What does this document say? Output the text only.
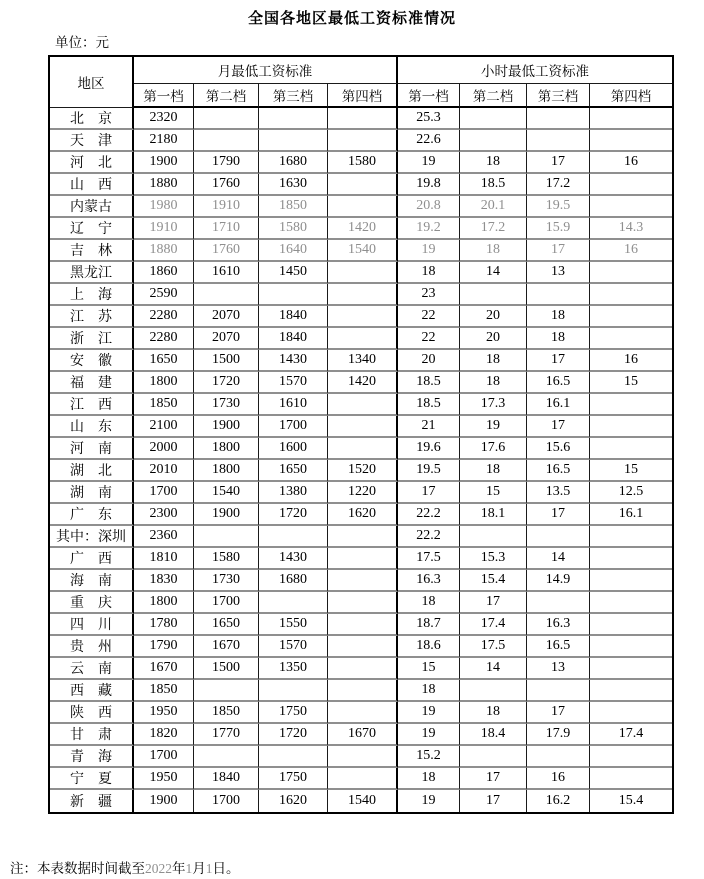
全国各地区最低工资标准情况
单位：元
地区	月最低工资标准				小时最低工资标准			
	第一档	第二档	第三档	第四档	第一档	第二档	第三档	第四档
北　京	2320				25.3			
天　津	2180				22.6			
河　北	1900	1790	1680	1580	19	18	17	16
山　西	1880	1760	1630		19.8	18.5	17.2	
内蒙古	1980	1910	1850		20.8	20.1	19.5	
辽　宁	1910	1710	1580	1420	19.2	17.2	15.9	14.3
吉　林	1880	1760	1640	1540	19	18	17	16
黑龙江	1860	1610	1450		18	14	13	
上　海	2590				23			
江　苏	2280	2070	1840		22	20	18	
浙　江	2280	2070	1840		22	20	18	
安　徽	1650	1500	1430	1340	20	18	17	16
福　建	1800	1720	1570	1420	18.5	18	16.5	15
江　西	1850	1730	1610		18.5	17.3	16.1	
山　东	2100	1900	1700		21	19	17	
河　南	2000	1800	1600		19.6	17.6	15.6	
湖　北	2010	1800	1650	1520	19.5	18	16.5	15
湖　南	1700	1540	1380	1220	17	15	13.5	12.5
广　东	2300	1900	1720	1620	22.2	18.1	17	16.1
其中：深圳	2360				22.2			
广　西	1810	1580	1430		17.5	15.3	14	
海　南	1830	1730	1680		16.3	15.4	14.9	
重　庆	1800	1700			18	17		
四　川	1780	1650	1550		18.7	17.4	16.3	
贵　州	1790	1670	1570		18.6	17.5	16.5	
云　南	1670	1500	1350		15	14	13	
西　藏	1850				18			
陕　西	1950	1850	1750		19	18	17	
甘　肃	1820	1770	1720	1670	19	18.4	17.9	17.4
青　海	1700				15.2			
宁　夏	1950	1840	1750		18	17	16	
新　疆	1900	1700	1620	1540	19	17	16.2	15.4
注：本表数据时间截至2022年1月1日。
